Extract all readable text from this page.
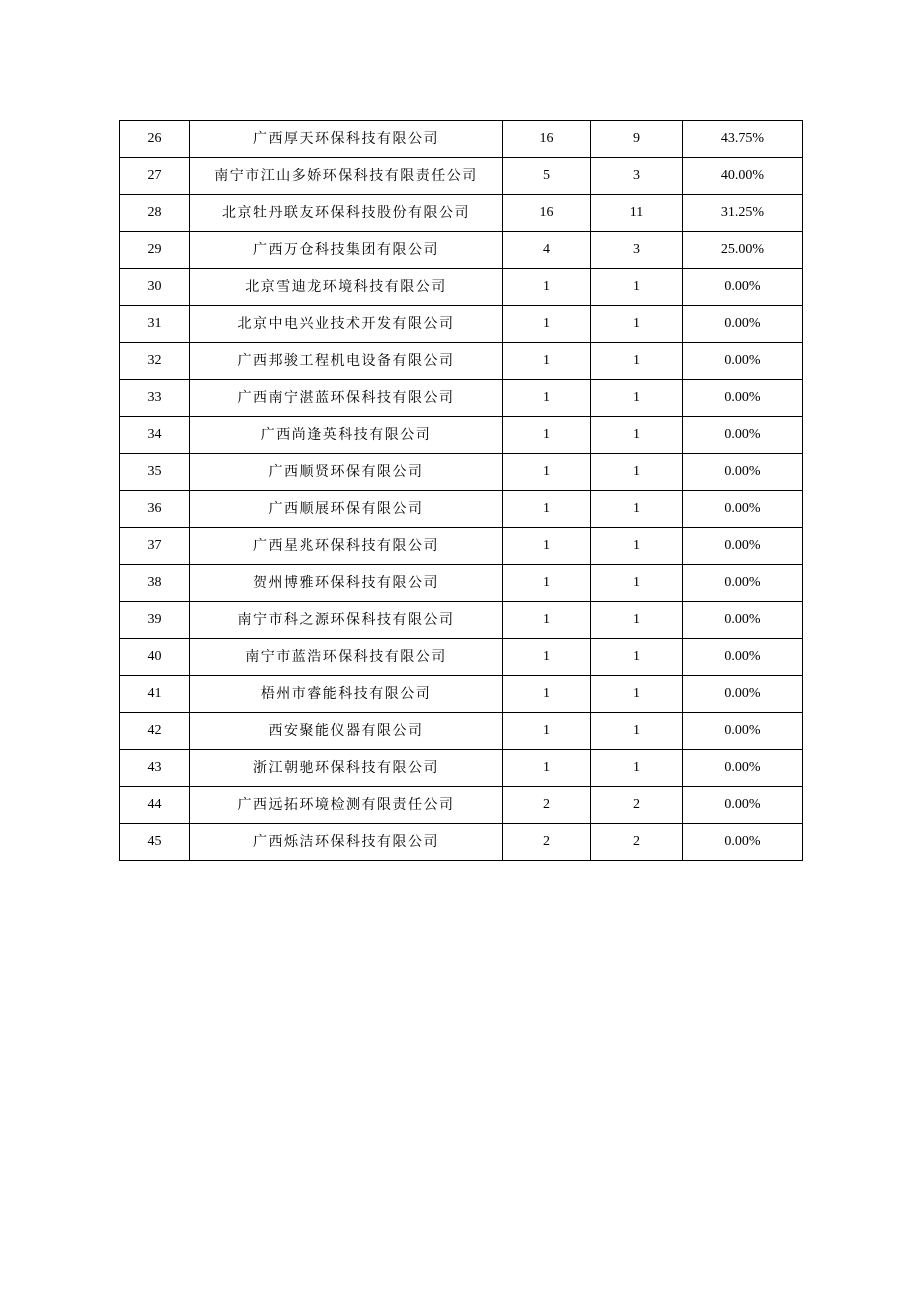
26	广西厚天环保科技有限公司	16	9	43.75%
27	南宁市江山多娇环保科技有限责任公司	5	3	40.00%
28	北京牡丹联友环保科技股份有限公司	16	11	31.25%
29	广西万仓科技集团有限公司	4	3	25.00%
30	北京雪迪龙环境科技有限公司	1	1	0.00%
31	北京中电兴业技术开发有限公司	1	1	0.00%
32	广西邦骏工程机电设备有限公司	1	1	0.00%
33	广西南宁湛蓝环保科技有限公司	1	1	0.00%
34	广西尚逢英科技有限公司	1	1	0.00%
35	广西顺贤环保有限公司	1	1	0.00%
36	广西顺展环保有限公司	1	1	0.00%
37	广西星兆环保科技有限公司	1	1	0.00%
38	贺州博雅环保科技有限公司	1	1	0.00%
39	南宁市科之源环保科技有限公司	1	1	0.00%
40	南宁市蓝浩环保科技有限公司	1	1	0.00%
41	梧州市睿能科技有限公司	1	1	0.00%
42	西安聚能仪器有限公司	1	1	0.00%
43	浙江朝驰环保科技有限公司	1	1	0.00%
44	广西远拓环境检测有限责任公司	2	2	0.00%
45	广西烁洁环保科技有限公司	2	2	0.00%
